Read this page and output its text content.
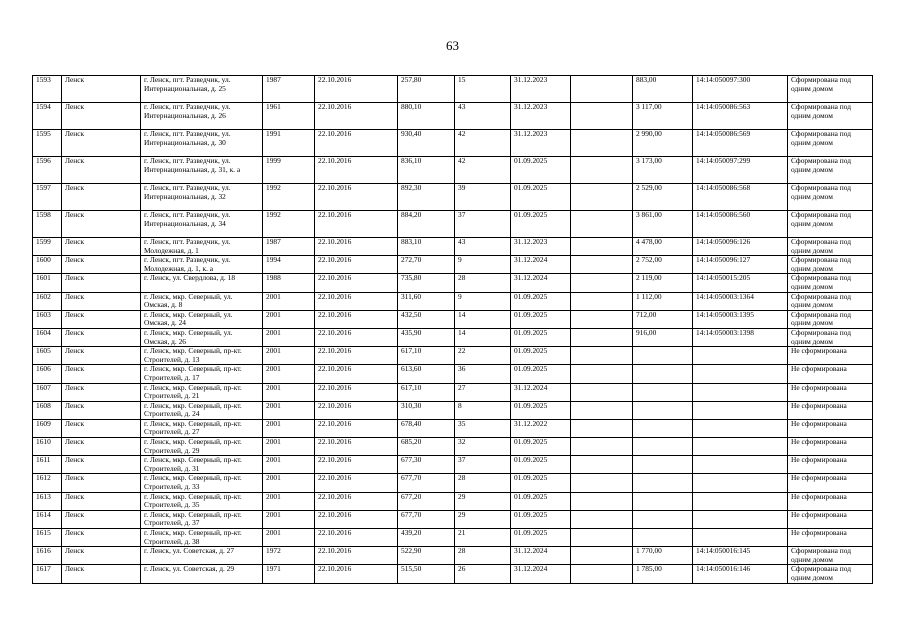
63
1593	Ленск	г. Ленск, пгт. Разведчик, ул. Интернациональная, д. 25	1987	22.10.2016	257,80	15	31.12.2023		883,00	14:14:050097:300	Сформирована под одним домом
1594	Ленск	г. Ленск, пгт. Разведчик, ул. Интернациональная, д. 26	1961	22.10.2016	880,10	43	31.12.2023		3 117,00	14:14:050086:563	Сформирована под одним домом
1595	Ленск	г. Ленск, пгт. Разведчик, ул. Интернациональная, д. 30	1991	22.10.2016	930,40	42	31.12.2023		2 990,00	14:14:050086:569	Сформирована под одним домом
1596	Ленск	г. Ленск, пгт. Разведчик, ул. Интернациональная, д. 31, к. а	1999	22.10.2016	836,10	42	01.09.2025		3 173,00	14:14:050097:299	Сформирована под одним домом
1597	Ленск	г. Ленск, пгт. Разведчик, ул. Интернациональная, д. 32	1992	22.10.2016	892,30	39	01.09.2025		2 529,00	14:14:050086:568	Сформирована под одним домом
1598	Ленск	г. Ленск, пгт. Разведчик, ул. Интернациональная, д. 34	1992	22.10.2016	884,20	37	01.09.2025		3 861,00	14:14:050086:560	Сформирована под одним домом
1599	Ленск	г. Ленск, пгт. Разведчик, ул. Молодежная, д. 1	1987	22.10.2016	883,10	43	31.12.2023		4 478,00	14:14:050096:126	Сформирована под одним домом
1600	Ленск	г. Ленск, пгт. Разведчик, ул. Молодежная, д. 1, к. а	1994	22.10.2016	272,70	9	31.12.2024		2 752,00	14:14:050096:127	Сформирована под одним домом
1601	Ленск	г. Ленск, ул. Свердлова, д. 18	1988	22.10.2016	735,80	28	31.12.2024		2 119,00	14:14:050015:205	Сформирована под одним домом
1602	Ленск	г. Ленск, мкр. Северный, ул. Омская, д. 8	2001	22.10.2016	311,60	9	01.09.2025		1 112,00	14:14:050003:1364	Сформирована под одним домом
1603	Ленск	г. Ленск, мкр. Северный, ул. Омская, д. 24	2001	22.10.2016	432,50	14	01.09.2025		712,00	14:14:050003:1395	Сформирована под одним домом
1604	Ленск	г. Ленск, мкр. Северный, ул. Омская, д. 26	2001	22.10.2016	435,90	14	01.09.2025		916,00	14:14:050003:1398	Сформирована под одним домом
1605	Ленск	г. Ленск, мкр. Северный, пр-кт. Строителей, д. 13	2001	22.10.2016	617,10	22	01.09.2025				Не сформирована
1606	Ленск	г. Ленск, мкр. Северный, пр-кт. Строителей, д. 17	2001	22.10.2016	613,60	36	01.09.2025				Не сформирована
1607	Ленск	г. Ленск, мкр. Северный, пр-кт. Строителей, д. 21	2001	22.10.2016	617,10	27	31.12.2024				Не сформирована
1608	Ленск	г. Ленск, мкр. Северный, пр-кт. Строителей, д. 24	2001	22.10.2016	310,30	8	01.09.2025				Не сформирована
1609	Ленск	г. Ленск, мкр. Северный, пр-кт. Строителей, д. 27	2001	22.10.2016	678,40	35	31.12.2022				Не сформирована
1610	Ленск	г. Ленск, мкр. Северный, пр-кт. Строителей, д. 29	2001	22.10.2016	685,20	32	01.09.2025				Не сформирована
1611	Ленск	г. Ленск, мкр. Северный, пр-кт. Строителей, д. 31	2001	22.10.2016	677,30	37	01.09.2025				Не сформирована
1612	Ленск	г. Ленск, мкр. Северный, пр-кт. Строителей, д. 33	2001	22.10.2016	677,70	28	01.09.2025				Не сформирована
1613	Ленск	г. Ленск, мкр. Северный, пр-кт. Строителей, д. 35	2001	22.10.2016	677,20	29	01.09.2025				Не сформирована
1614	Ленск	г. Ленск, мкр. Северный, пр-кт. Строителей, д. 37	2001	22.10.2016	677,70	29	01.09.2025				Не сформирована
1615	Ленск	г. Ленск, мкр. Северный, пр-кт. Строителей, д. 38	2001	22.10.2016	439,20	21	01.09.2025				Не сформирована
1616	Ленск	г. Ленск, ул. Советская, д. 27	1972	22.10.2016	522,90	28	31.12.2024		1 770,00	14:14:050016:145	Сформирована под одним домом
1617	Ленск	г. Ленск, ул. Советская, д. 29	1971	22.10.2016	515,50	26	31.12.2024		1 785,00	14:14:050016:146	Сформирована под одним домом
